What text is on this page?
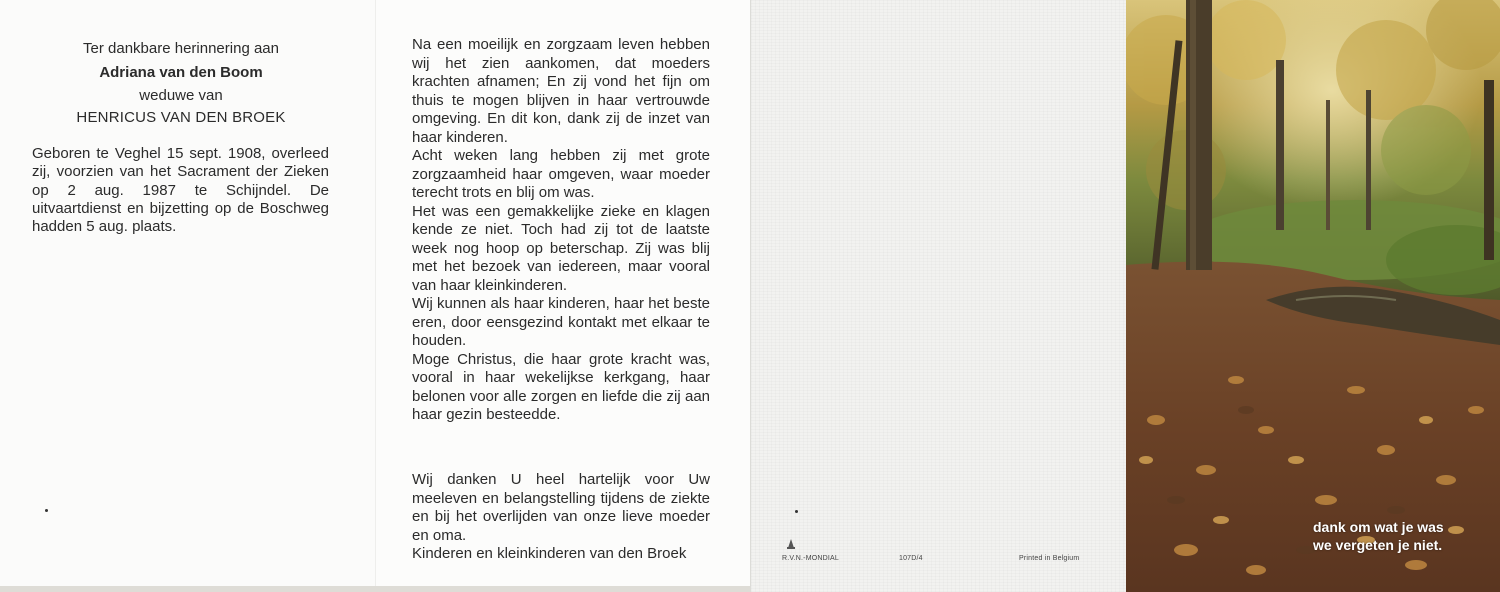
Ter dankbare herinnering aan
Adriana van den Boom
weduwe van
HENRICUS VAN DEN BROEK

Geboren te Veghel 15 sept. 1908, overleed zij, voorzien van het Sacrament der Zieken op 2 aug. 1987 te Schijndel. De uitvaartdienst en bijzetting op de Boschweg hadden 5 aug. plaats.

Na een moeilijk en zorgzaam leven hebben wij het zien aankomen, dat moeders krachten afnamen; En zij vond het fijn om thuis te mogen blijven in haar vertrouwde omgeving. En dit kon, dank zij de inzet van haar kinderen.

Acht weken lang hebben zij met grote zorgzaamheid haar omgeven, waar moeder terecht trots en blij om was.

Het was een gemakkelijke zieke en klagen kende ze niet. Toch had zij tot de laatste week nog hoop op beterschap. Zij was blij met het bezoek van iedereen, maar vooral van haar kleinkinderen.

Wij kunnen als haar kinderen, haar het beste eren, door eensgezind kontakt met elkaar te houden.

Moge Christus, die haar grote kracht was, vooral in haar wekelijkse kerkgang, haar belonen voor alle zorgen en liefde die zij aan haar gezin besteedde.

Wij danken U heel hartelijk voor Uw meeleven en belangstelling tijdens de ziekte en bij het overlijden van onze lieve moeder en oma.

Kinderen en kleinkinderen van den Broek	R.V.N.-MONDIAL	107D/4	Printed in Belgium
dank om wat je was
we vergeten je niet.
